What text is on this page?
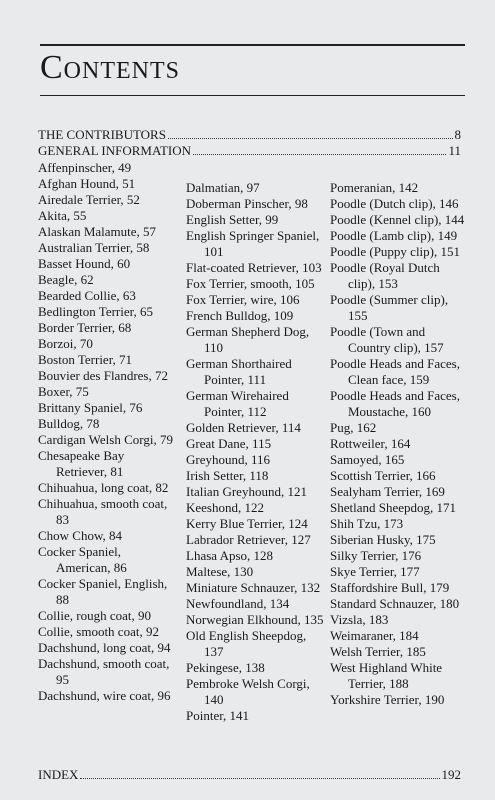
Contents
THE CONTRIBUTORS	8
GENERAL INFORMATION	11
Affenpinscher, 49
Afghan Hound, 51
Airedale Terrier, 52
Akita, 55
Alaskan Malamute, 57
Australian Terrier, 58
Basset Hound, 60
Beagle, 62
Bearded Collie, 63
Bedlington Terrier, 65
Border Terrier, 68
Borzoi, 70
Boston Terrier, 71
Bouvier des Flandres, 72
Boxer, 75
Brittany Spaniel, 76
Bulldog, 78
Cardigan Welsh Corgi, 79
Chesapeake Bay Retriever, 81
Chihuahua, long coat, 82
Chihuahua, smooth coat, 83
Chow Chow, 84
Cocker Spaniel, American, 86
Cocker Spaniel, English, 88
Collie, rough coat, 90
Collie, smooth coat, 92
Dachshund, long coat, 94
Dachshund, smooth coat, 95
Dachshund, wire coat, 96
Dalmatian, 97
Doberman Pinscher, 98
English Setter, 99
English Springer Spaniel, 101
Flat-coated Retriever, 103
Fox Terrier, smooth, 105
Fox Terrier, wire, 106
French Bulldog, 109
German Shepherd Dog, 110
German Shorthaired Pointer, 111
German Wirehaired Pointer, 112
Golden Retriever, 114
Great Dane, 115
Greyhound, 116
Irish Setter, 118
Italian Greyhound, 121
Keeshond, 122
Kerry Blue Terrier, 124
Labrador Retriever, 127
Lhasa Apso, 128
Maltese, 130
Miniature Schnauzer, 132
Newfoundland, 134
Norwegian Elkhound, 135
Old English Sheepdog, 137
Pekingese, 138
Pembroke Welsh Corgi, 140
Pointer, 141
Pomeranian, 142
Poodle (Dutch clip), 146
Poodle (Kennel clip), 144
Poodle (Lamb clip), 149
Poodle (Puppy clip), 151
Poodle (Royal Dutch clip), 153
Poodle (Summer clip), 155
Poodle (Town and Country clip), 157
Poodle Heads and Faces, Clean face, 159
Poodle Heads and Faces, Moustache, 160
Pug, 162
Rottweiler, 164
Samoyed, 165
Scottish Terrier, 166
Sealyham Terrier, 169
Shetland Sheepdog, 171
Shih Tzu, 173
Siberian Husky, 175
Silky Terrier, 176
Skye Terrier, 177
Staffordshire Bull, 179
Standard Schnauzer, 180
Vizsla, 183
Weimaraner, 184
Welsh Terrier, 185
West Highland White Terrier, 188
Yorkshire Terrier, 190
INDEX	192
